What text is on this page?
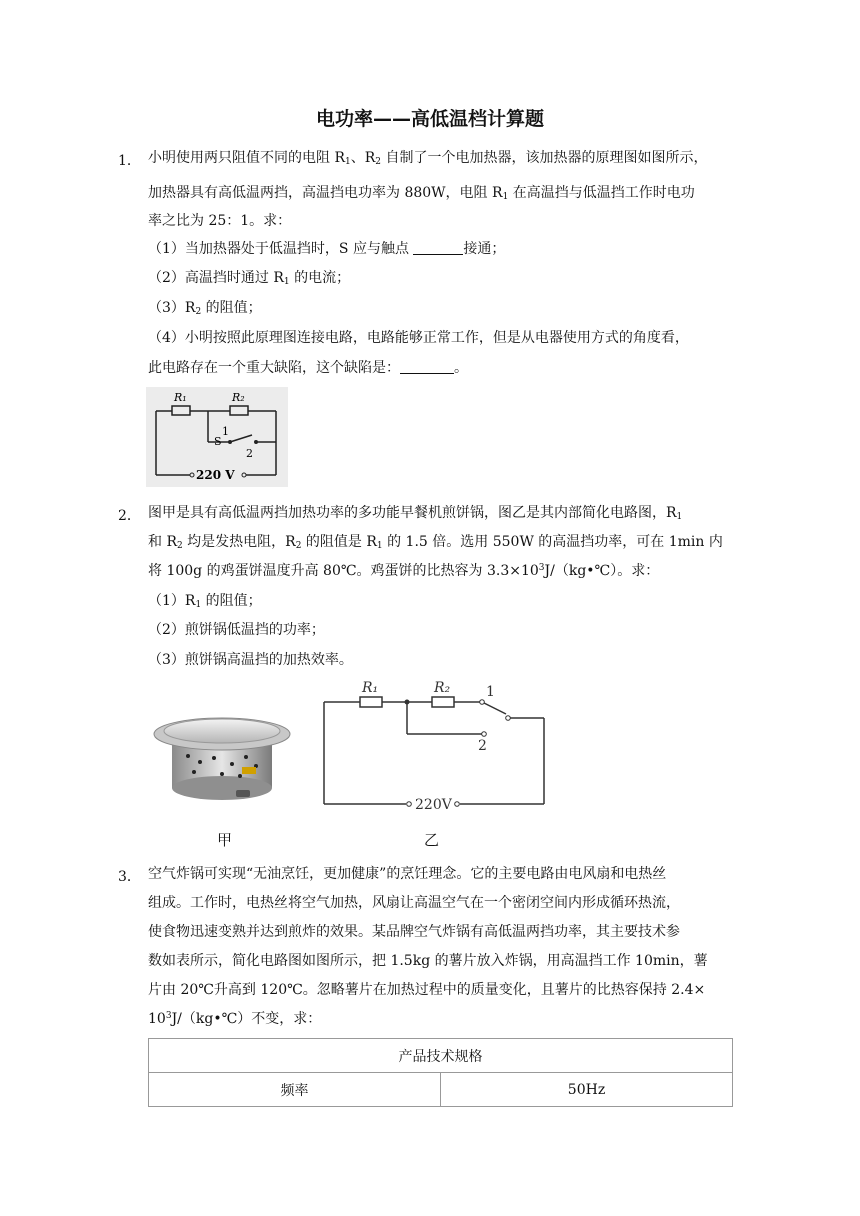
电功率——高低温档计算题
1． 小明使用两只阻值不同的电阻 $R_1$、$R_2$ 自制了一个电加热器，该加热器的原理图如图所示，
加热器具有高低温两挡，高温挡电功率为 880W，电阻 $R_1$ 在高温挡与低温挡工作时电功
率之比为 25：1。求：
（1）当加热器处于低温挡时，S 应与触点	接通；
（2）高温挡时通过 $R_1$ 的电流；
$(3)R_2$ 的阻值；
（4）小明按照此原理图连接电路，电路能够正常工作，但是从电器使用方式的角度看，
此电路存在一个重大缺陷，这个缺陷是：	。
R₁	R₂
1
S
2
220 V
2． 图甲是具有高低温两挡加热功率的多功能早餐机煎饼锅，图乙是其内部简化电路图，$R_1$
和 $R_2$ 均是发热电阻，$R_2$ 的阻值是 $R_1$ 的 1.5 倍。选用 550W 的高温挡功率，可在 1min 内
将 100g 的鸡蛋饼温度升高 80℃。鸡蛋饼的比热容为 $3.3\times 10^3J/(kg•℃)$。求：
$(1)R_1$ 的阻值；
（2）煎饼锅低温挡的功率；
（3）煎饼锅高温挡的加热效率。
R₁	R₂	1
2
220V
甲	乙
3． 空气炸锅可实现“无油烹饪，更加健康”的烹饪理念。它的主要电路由电风扇和电热丝
组成。工作时，电热丝将空气加热，风扇让高温空气在一个密闭空间内形成循环热流，
使食物迅速变熟并达到煎炸的效果。某品牌空气炸锅有高低温两挡功率，其主要技术参
数如表所示，简化电路图如图所示，把 1.5kg 的薯片放入炸锅，用高温挡工作 10min，薯
片由 20℃升高到 120℃。忽略薯片在加热过程中的质量变化，且薯片的比热容保持 2.4×
$10^3J/(kg•℃)$不变，求：
产品技术规格
频率	50Hz
